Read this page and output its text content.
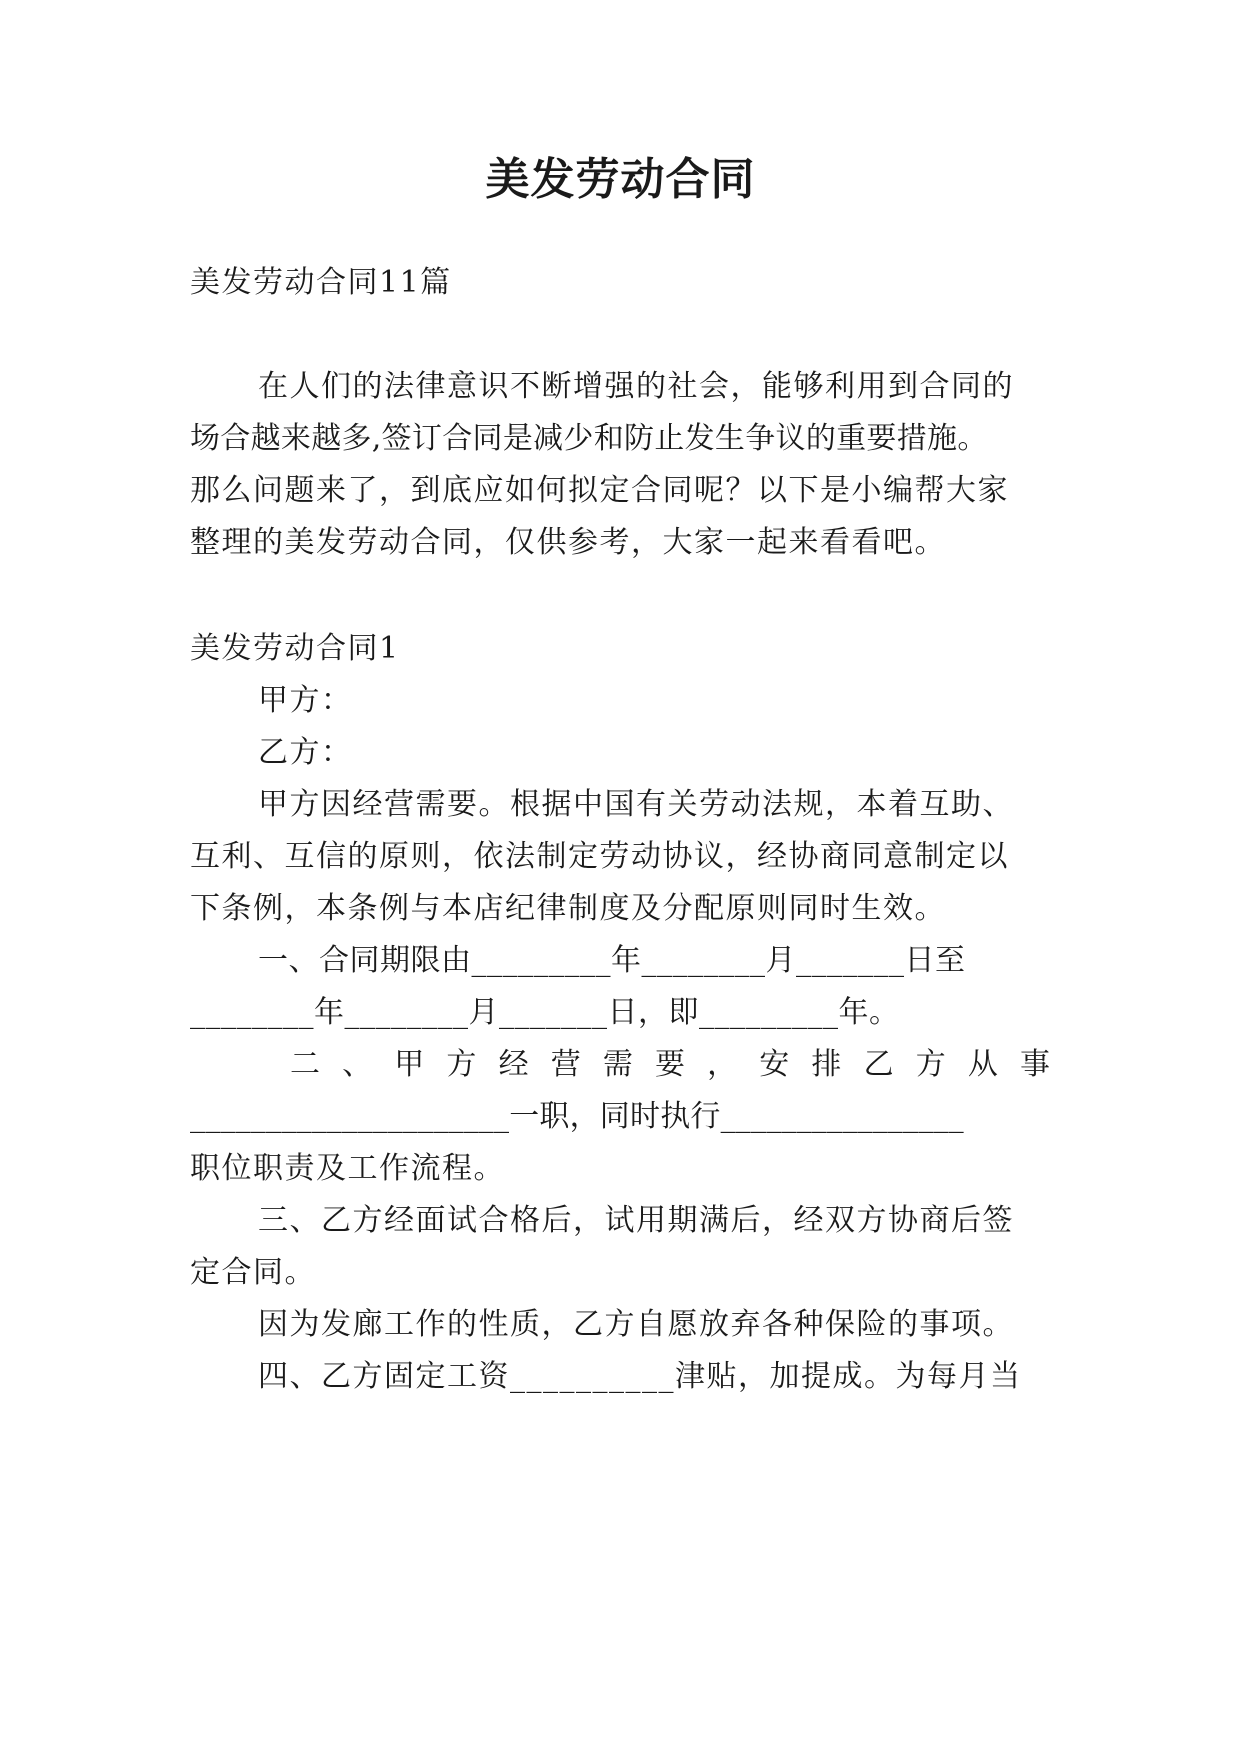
美发劳动合同
美发劳动合同11篇
在人们的法律意识不断增强的社会，能够利用到合同的
场合越来越多,签订合同是减少和防止发生争议的重要措施。
那么问题来了，到底应如何拟定合同呢？以下是小编帮大家
整理的美发劳动合同，仅供参考，大家一起来看看吧。
美发劳动合同1
甲方：
乙方：
甲方因经营需要。根据中国有关劳动法规，本着互助、
互利、互信的原则，依法制定劳动协议，经协商同意制定以
下条例，本条例与本店纪律制度及分配原则同时生效。
一、合同期限由_________年________月_______日至
________年________月_______日，即_________年。
二、甲方经营需要，安排乙方从事
_____________________一职，同时执行________________
职位职责及工作流程。
三、乙方经面试合格后，试用期满后，经双方协商后签
定合同。
因为发廊工作的性质，乙方自愿放弃各种保险的事项。
四、乙方固定工资__________津贴，加提成。为每月当
